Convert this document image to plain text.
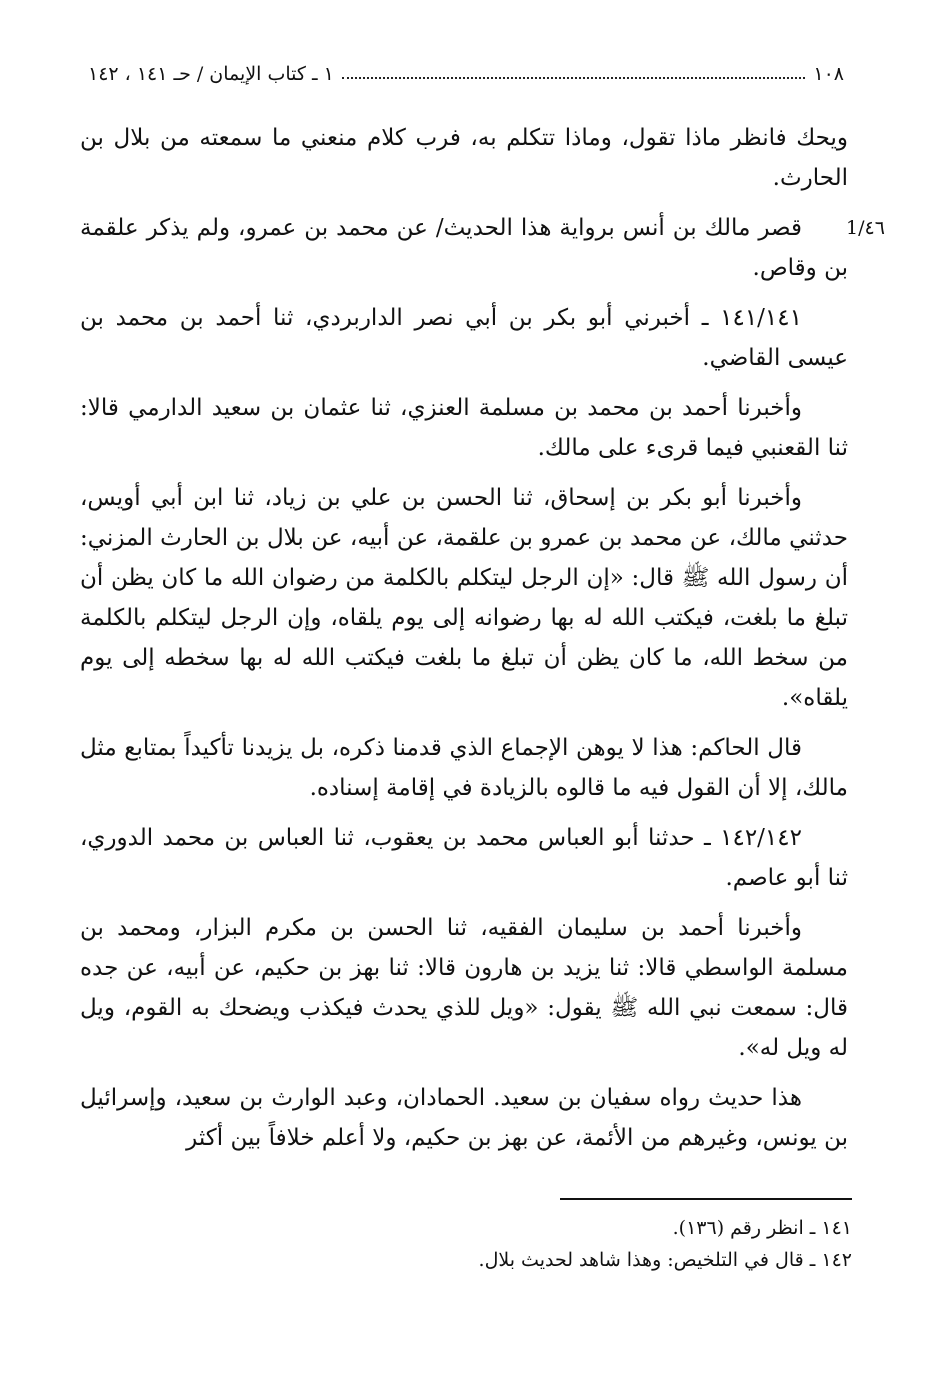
١٠٨
١ ـ كتاب الإيمان / حـ ١٤١ ، ١٤٢
1/٤٦

ويحك فانظر ماذا تقول، وماذا تتكلم به، فرب كلام منعني ما سمعته من بلال بن الحارث.

قصر مالك بن أنس برواية هذا الحديث/ عن محمد بن عمرو، ولم يذكر علقمة بن وقاص.

١٤١/١٤١ ـ أخبرني أبو بكر بن أبي نصر الداربردي، ثنا أحمد بن محمد بن عيسى القاضي.

وأخبرنا أحمد بن محمد بن مسلمة العنزي، ثنا عثمان بن سعيد الدارمي قالا: ثنا القعنبي فيما قرىء على مالك.

وأخبرنا أبو بكر بن إسحاق، ثنا الحسن بن علي بن زياد، ثنا ابن أبي أويس، حدثني مالك، عن محمد بن عمرو بن علقمة، عن أبيه، عن بلال بن الحارث المزني: أن رسول الله ﷺ قال: «إن الرجل ليتكلم بالكلمة من رضوان الله ما كان يظن أن تبلغ ما بلغت، فيكتب الله له بها رضوانه إلى يوم يلقاه، وإن الرجل ليتكلم بالكلمة من سخط الله، ما كان يظن أن تبلغ ما بلغت فيكتب الله له بها سخطه إلى يوم يلقاه».

قال الحاكم: هذا لا يوهن الإجماع الذي قدمنا ذكره، بل يزيدنا تأكيداً بمتابع مثل مالك، إلا أن القول فيه ما قالوه بالزيادة في إقامة إسناده.

١٤٢/١٤٢ ـ حدثنا أبو العباس محمد بن يعقوب، ثنا العباس بن محمد الدوري، ثنا أبو عاصم.

وأخبرنا أحمد بن سليمان الفقيه، ثنا الحسن بن مكرم البزار، ومحمد بن مسلمة الواسطي قالا: ثنا يزيد بن هارون قالا: ثنا بهز بن حكيم، عن أبيه، عن جده قال: سمعت نبي الله ﷺ يقول: «ويل للذي يحدث فيكذب ويضحك به القوم، ويل له ويل له».

هذا حديث رواه سفيان بن سعيد. الحمادان، وعبد الوارث بن سعيد، وإسرائيل بن يونس، وغيرهم من الأئمة، عن بهز بن حكيم، ولا أعلم خلافاً بين أكثر

١٤١ ـ انظر رقم (١٣٦).
١٤٢ ـ قال في التلخيص: وهذا شاهد لحديث بلال.
